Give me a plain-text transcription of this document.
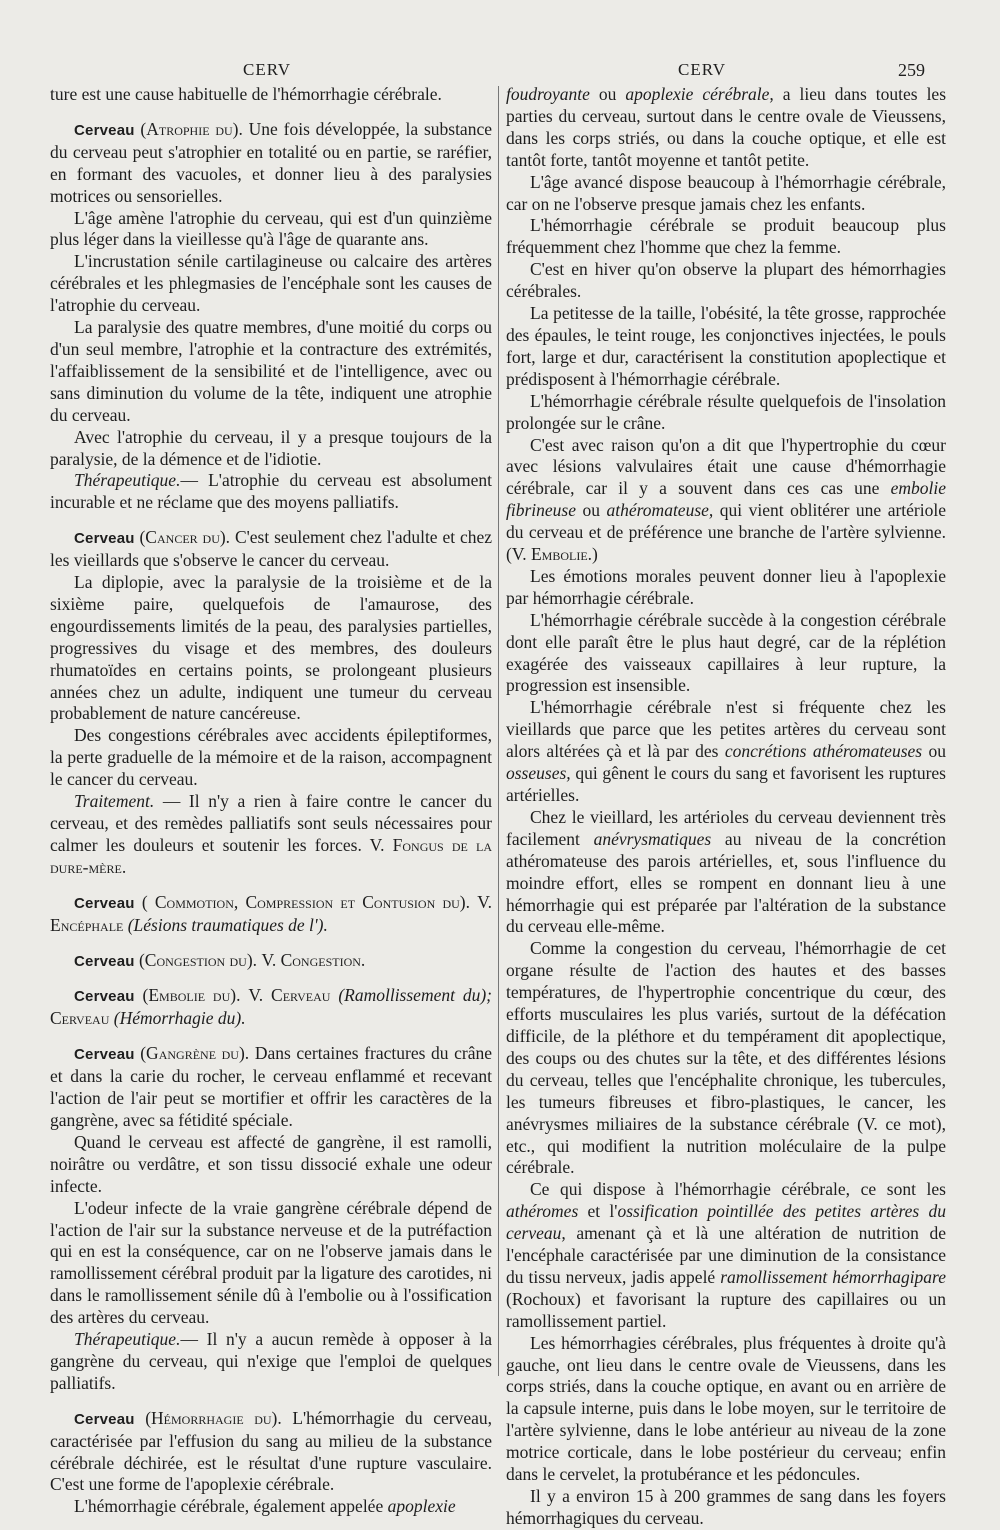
CERV	CERV	259

ture est une cause habituelle de l'hémorrhagie cérébrale.

Cerveau (Atrophie du). Une fois développée, la substance du cerveau peut s'atrophier en totalité ou en partie, se raréfier, en formant des vacuoles, et donner lieu à des paralysies motrices ou sensorielles.

L'âge amène l'atrophie du cerveau, qui est d'un quinzième plus léger dans la vieillesse qu'à l'âge de quarante ans.

L'incrustation sénile cartilagineuse ou calcaire des artères cérébrales et les phlegmasies de l'encéphale sont les causes de l'atrophie du cerveau.

La paralysie des quatre membres, d'une moitié du corps ou d'un seul membre, l'atrophie et la contracture des extrémités, l'affaiblissement de la sensibilité et de l'intelligence, avec ou sans diminution du volume de la tête, indiquent une atrophie du cerveau.

Avec l'atrophie du cerveau, il y a presque toujours de la paralysie, de la démence et de l'idiotie.

Thérapeutique.— L'atrophie du cerveau est absolument incurable et ne réclame que des moyens palliatifs.

Cerveau (Cancer du). C'est seulement chez l'adulte et chez les vieillards que s'observe le cancer du cerveau.

La diplopie, avec la paralysie de la troisième et de la sixième paire, quelquefois de l'amaurose, des engourdissements limités de la peau, des paralysies partielles, progressives du visage et des membres, des douleurs rhumatoïdes en certains points, se prolongeant plusieurs années chez un adulte, indiquent une tumeur du cerveau probablement de nature cancéreuse.

Des congestions cérébrales avec accidents épileptiformes, la perte graduelle de la mémoire et de la raison, accompagnent le cancer du cerveau.

Traitement. — Il n'y a rien à faire contre le cancer du cerveau, et des remèdes palliatifs sont seuls nécessaires pour calmer les douleurs et soutenir les forces. V. Fongus de la dure-mère.

Cerveau ( Commotion, Compression et Contusion du). V. Encéphale (Lésions traumatiques de l').

Cerveau (Congestion du). V. Congestion.

Cerveau (Embolie du). V. Cerveau (Ramollissement du); Cerveau (Hémorrhagie du).

Cerveau (Gangrène du). Dans certaines fractures du crâne et dans la carie du rocher, le cerveau enflammé et recevant l'action de l'air peut se mortifier et offrir les caractères de la gangrène, avec sa fétidité spéciale.

Quand le cerveau est affecté de gangrène, il est ramolli, noirâtre ou verdâtre, et son tissu dissocié exhale une odeur infecte.

L'odeur infecte de la vraie gangrène cérébrale dépend de l'action de l'air sur la substance nerveuse et de la putréfaction qui en est la conséquence, car on ne l'observe jamais dans le ramollissement cérébral produit par la ligature des carotides, ni dans le ramollissement sénile dû à l'embolie ou à l'ossification des artères du cerveau.

Thérapeutique.— Il n'y a aucun remède à opposer à la gangrène du cerveau, qui n'exige que l'emploi de quelques palliatifs.

Cerveau (Hémorrhagie du). L'hémorrhagie du cerveau, caractérisée par l'effusion du sang au milieu de la substance cérébrale déchirée, est le résultat d'une rupture vasculaire. C'est une forme de l'apoplexie cérébrale.

L'hémorrhagie cérébrale, également appelée apoplexie

foudroyante ou apoplexie cérébrale, a lieu dans toutes les parties du cerveau, surtout dans le centre ovale de Vieussens, dans les corps striés, ou dans la couche optique, et elle est tantôt forte, tantôt moyenne et tantôt petite.

L'âge avancé dispose beaucoup à l'hémorrhagie cérébrale, car on ne l'observe presque jamais chez les enfants.

L'hémorrhagie cérébrale se produit beaucoup plus fréquemment chez l'homme que chez la femme.

C'est en hiver qu'on observe la plupart des hémorrhagies cérébrales.

La petitesse de la taille, l'obésité, la tête grosse, rapprochée des épaules, le teint rouge, les conjonctives injectées, le pouls fort, large et dur, caractérisent la constitution apoplectique et prédisposent à l'hémorrhagie cérébrale.

L'hémorrhagie cérébrale résulte quelquefois de l'insolation prolongée sur le crâne.

C'est avec raison qu'on a dit que l'hypertrophie du cœur avec lésions valvulaires était une cause d'hémorrhagie cérébrale, car il y a souvent dans ces cas une embolie fibrineuse ou athéromateuse, qui vient oblitérer une artériole du cerveau et de préférence une branche de l'artère sylvienne. (V. Embolie.)

Les émotions morales peuvent donner lieu à l'apoplexie par hémorrhagie cérébrale.

L'hémorrhagie cérébrale succède à la congestion cérébrale dont elle paraît être le plus haut degré, car de la réplétion exagérée des vaisseaux capillaires à leur rupture, la progression est insensible.

L'hémorrhagie cérébrale n'est si fréquente chez les vieillards que parce que les petites artères du cerveau sont alors altérées çà et là par des concrétions athéromateuses ou osseuses, qui gênent le cours du sang et favorisent les ruptures artérielles.

Chez le vieillard, les artérioles du cerveau deviennent très facilement anévrysmatiques au niveau de la concrétion athéromateuse des parois artérielles, et, sous l'influence du moindre effort, elles se rompent en donnant lieu à une hémorrhagie qui est préparée par l'altération de la substance du cerveau elle-même.

Comme la congestion du cerveau, l'hémorrhagie de cet organe résulte de l'action des hautes et des basses températures, de l'hypertrophie concentrique du cœur, des efforts musculaires les plus variés, surtout de la défécation difficile, de la pléthore et du tempérament dit apoplectique, des coups ou des chutes sur la tête, et des différentes lésions du cerveau, telles que l'encéphalite chronique, les tubercules, les tumeurs fibreuses et fibro-plastiques, le cancer, les anévrysmes miliaires de la substance cérébrale (V. ce mot), etc., qui modifient la nutrition moléculaire de la pulpe cérébrale.

Ce qui dispose à l'hémorrhagie cérébrale, ce sont les athéromes et l'ossification pointillée des petites artères du cerveau, amenant çà et là une altération de nutrition de l'encéphale caractérisée par une diminution de la consistance du tissu nerveux, jadis appelé ramollissement hémorrhagipare (Rochoux) et favorisant la rupture des capillaires ou un ramollissement partiel.

Les hémorrhagies cérébrales, plus fréquentes à droite qu'à gauche, ont lieu dans le centre ovale de Vieussens, dans les corps striés, dans la couche optique, en avant ou en arrière de la capsule interne, puis dans le lobe moyen, sur le territoire de l'artère sylvienne, dans le lobe antérieur au niveau de la zone motrice corticale, dans le lobe postérieur du cerveau; enfin dans le cervelet, la protubérance et les pédoncules.

Il y a environ 15 à 200 grammes de sang dans les foyers hémorrhagiques du cerveau.
